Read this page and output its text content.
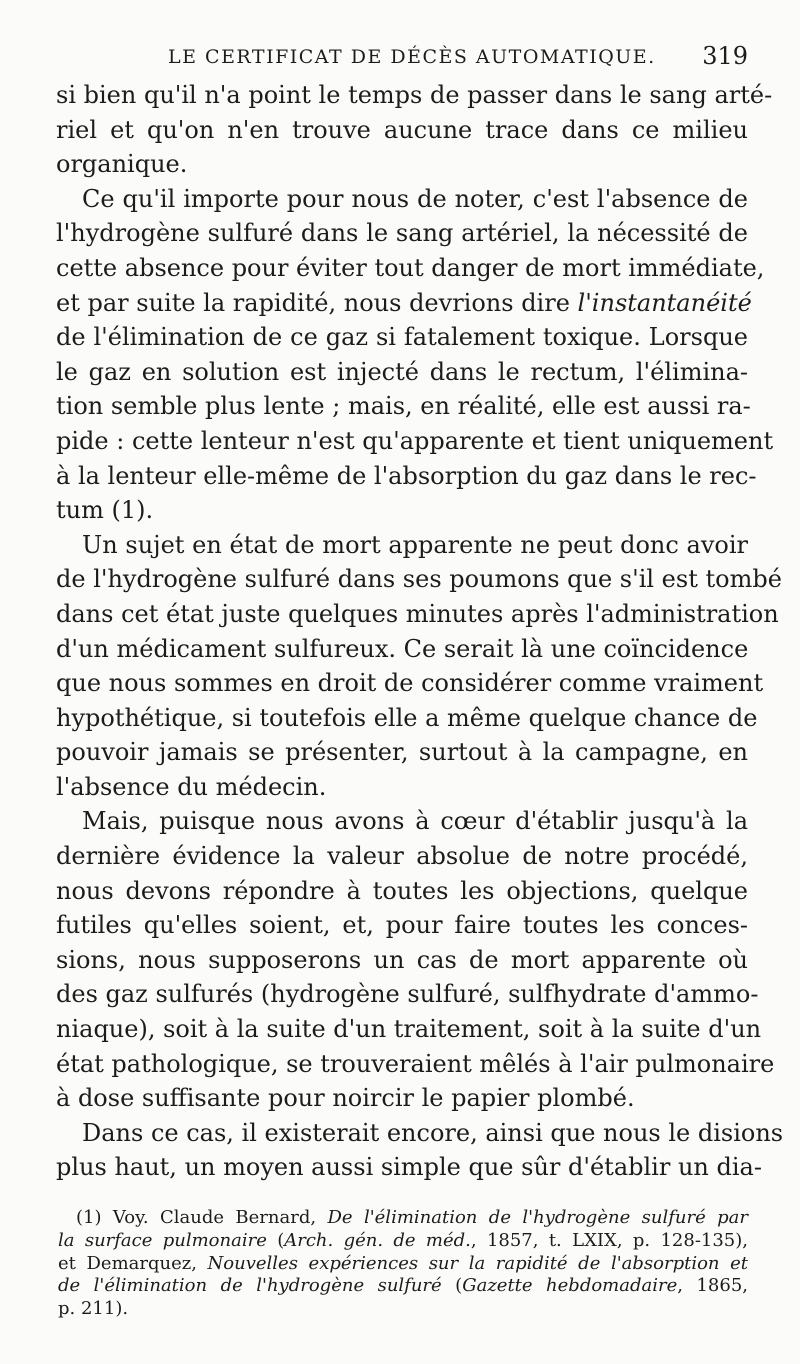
LE CERTIFICAT DE DÉCÈS AUTOMATIQUE. 319
si bien qu'il n'a point le temps de passer dans le sang arté-
riel et qu'on n'en trouve aucune trace dans ce milieu
organique.
Ce qu'il importe pour nous de noter, c'est l'absence de
l'hydrogène sulfuré dans le sang artériel, la nécessité de
cette absence pour éviter tout danger de mort immédiate,
et par suite la rapidité, nous devrions dire l'instantanéité
de l'élimination de ce gaz si fatalement toxique. Lorsque
le gaz en solution est injecté dans le rectum, l'élimina-
tion semble plus lente ; mais, en réalité, elle est aussi ra-
pide : cette lenteur n'est qu'apparente et tient uniquement
à la lenteur elle-même de l'absorption du gaz dans le rec-
tum (1).
Un sujet en état de mort apparente ne peut donc avoir
de l'hydrogène sulfuré dans ses poumons que s'il est tombé
dans cet état juste quelques minutes après l'administration
d'un médicament sulfureux. Ce serait là une coïncidence
que nous sommes en droit de considérer comme vraiment
hypothétique, si toutefois elle a même quelque chance de
pouvoir jamais se présenter, surtout à la campagne, en
l'absence du médecin.
Mais, puisque nous avons à cœur d'établir jusqu'à la
dernière évidence la valeur absolue de notre procédé,
nous devons répondre à toutes les objections, quelque
futiles qu'elles soient, et, pour faire toutes les conces-
sions, nous supposerons un cas de mort apparente où
des gaz sulfurés (hydrogène sulfuré, sulfhydrate d'ammo-
niaque), soit à la suite d'un traitement, soit à la suite d'un
état pathologique, se trouveraient mêlés à l'air pulmonaire
à dose suffisante pour noircir le papier plombé.
Dans ce cas, il existerait encore, ainsi que nous le disions
plus haut, un moyen aussi simple que sûr d'établir un dia-
(1) Voy. Claude Bernard, De l'élimination de l'hydrogène sulfuré par
la surface pulmonaire (Arch. gén. de méd., 1857, t. LXIX, p. 128-135),
et Demarquez, Nouvelles expériences sur la rapidité de l'absorption et
de l'élimination de l'hydrogène sulfuré (Gazette hebdomadaire, 1865,
p. 211).
